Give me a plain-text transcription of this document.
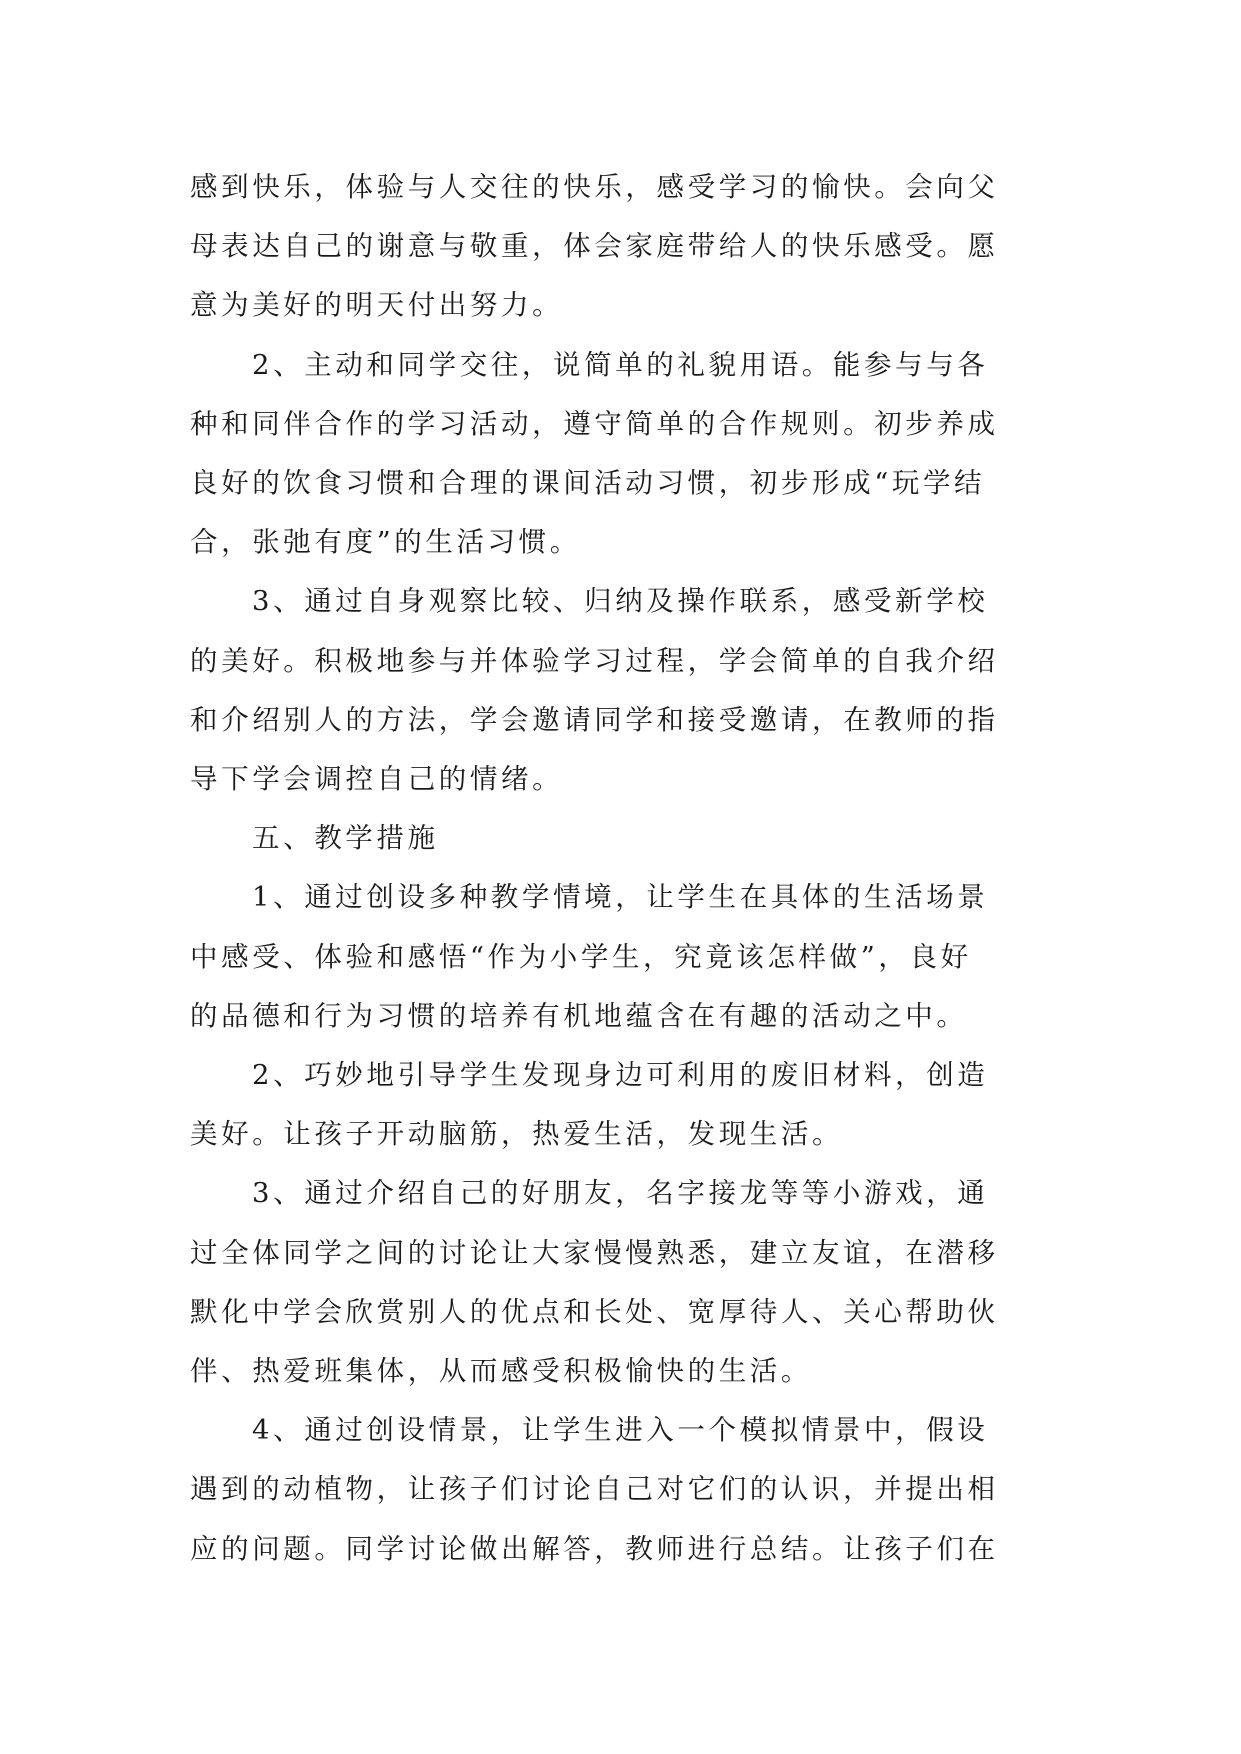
感到快乐，体验与人交往的快乐，感受学习的愉快。会向父
母表达自己的谢意与敬重，体会家庭带给人的快乐感受。愿
意为美好的明天付出努力。

2、主动和同学交往，说简单的礼貌用语。能参与与各
种和同伴合作的学习活动，遵守简单的合作规则。初步养成
良好的饮食习惯和合理的课间活动习惯，初步形成“玩学结
合，张弛有度”的生活习惯。

3、通过自身观察比较、归纳及操作联系，感受新学校
的美好。积极地参与并体验学习过程，学会简单的自我介绍
和介绍别人的方法，学会邀请同学和接受邀请，在教师的指
导下学会调控自己的情绪。

五、教学措施

1、通过创设多种教学情境，让学生在具体的生活场景
中感受、体验和感悟“作为小学生，究竟该怎样做”，良好
的品德和行为习惯的培养有机地蕴含在有趣的活动之中。

2、巧妙地引导学生发现身边可利用的废旧材料，创造
美好。让孩子开动脑筋，热爱生活，发现生活。

3、通过介绍自己的好朋友，名字接龙等等小游戏，通
过全体同学之间的讨论让大家慢慢熟悉，建立友谊，在潜移
默化中学会欣赏别人的优点和长处、宽厚待人、关心帮助伙
伴、热爱班集体，从而感受积极愉快的生活。

4、通过创设情景，让学生进入一个模拟情景中，假设
遇到的动植物，让孩子们讨论自己对它们的认识，并提出相
应的问题。同学讨论做出解答，教师进行总结。让孩子们在
